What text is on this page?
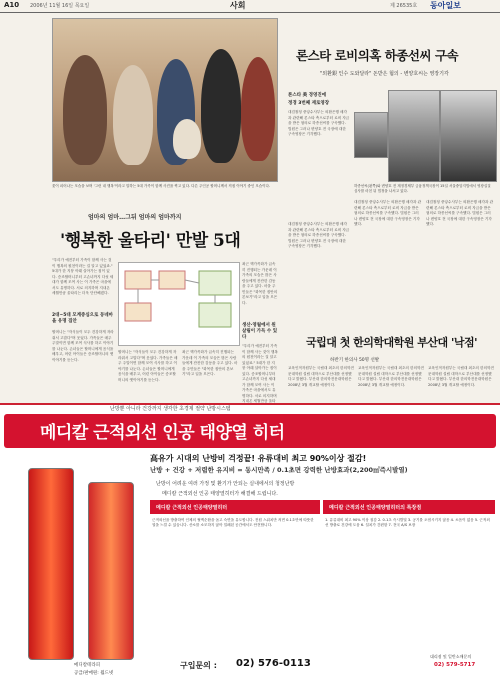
A10 2006년 11월 16일 목요일	사회	제 26535호 동아일보
꽃이 피어나는 모습을 보며 '그런 내 행복'이라고 말하는 5대 가족이 함께 사진을 찍고 있다. 다른 주인공 할머니께서 직접 이야기 중인 모습이다.
엄마의 엄마…그뒤 엄마의 엄마까지
'행복한 울타리' 만발 5대
"우리가 예전부터 가족이 함께 사는 것이 행복의 원천이라는 걸 알고 있었죠." 5대가 한 지붕 아래 살아가는 집이 있다. 증조할머니부터 고손녀까지 다섯 세대가 함께 모여 사는 이 가족은 마을에서도 유명하다. 서로 의지하며 지내온 세월만큼 울타리는 더욱 단단해졌다.
2대~5대 모계중심으로 동네마을 유명 집안
할머니는 "자식들이 모두 건강하게 자라줘서 고맙다"며 웃었다. 가족들은 매주 주말이면 함께 모여 식사를 하고 이야기를 나눈다. 손녀들은 할머니에게 음식을 배우고, 어린 아이들은 증조할머니의 옛이야기를 듣는다.
할머니는 "자식들이 모두 건강하게 자라줘서 고맙다"며 웃었다. 가족들은 매주 주말이면 함께 모여 식사를 하고 이야기를 나눈다. 손녀들은 할머니에게 음식을 배우고, 어린 아이들은 증조할머니의 옛이야기를 듣는다.
최근 핵가족화가 급속히 진행되는 가운데 이 가족의 모습은 많은 사람들에게 잔잔한 감동을 주고 있다. 마을 주민들은 "화목한 집안의 본보기"라고 입을 모은다.
최근 핵가족화가 급속히 진행되는 가운데 이 가족의 모습은 많은 사람들에게 잔잔한 감동을 주고 있다. 마을 주민들은 "화목한 집안의 본보기"라고 입을 모은다.
생산·영월에서 원살림이 가득 수 있다
"우리가 예전부터 가족이 함께 사는 것이 행복의 원천이라는 걸 알고 있었죠." 5대가 한 지붕 아래 살아가는 집이 있다. 증조할머니부터 고손녀까지 다섯 세대가 함께 모여 사는 이 가족은 마을에서도 유명하다. 서로 의지하며 지내온 세월만큼 울타
론스타 로비의혹 하종선씨 구속
"외환銀 인수 도와달라" 돈받은 혐의 - 변양호씨는 영장기각
론스타 美 경영진에
정경 3번째 재로영장
대검찰청 중앙수사부는 외환은행 매각과 관련해 론스타 측으로부터 로비 자금을 받은 혐의로 하종선씨를 구속했다. 법원은 그러나 변양호 전 국장에 대한 구속영장은 기각했다.
하종선씨(왼쪽)와 변양호 전 재정경제부 금융정책국장이 15일 서울중앙지법에서 영장실질심사를 마친 뒤 법정을 나서고 있다.
대검찰청 중앙수사부는 외환은행 매각과 관련해 론스타 측으로부터 로비 자금을 받은 혐의로 하종선씨를 구속했다. 법원은 그러나 변양호 전 국장에 대한 구속영장은 기각했다.
대검찰청 중앙수사부는 외환은행 매각과 관련해 론스타 측으로부터 로비 자금을 받은 혐의로 하종선씨를 구속했다. 법원은 그러나 변양호 전 국장에 대한 구속영장은 기각했다.
대검찰청 중앙수사부는 외환은행 매각과 관련해 론스타 측으로부터 로비 자금을 받은 혐의로 하종선씨를 구속했다. 법원은 그러나 변양호 전 국장에 대한 구속영장은 기각했다.
국립대 첫 한의학대학원 부산대 '낙점'
하반기 한의사 50명 선발
교육인적자원부는 국립대 최초의 한의학전문대학원 설립 대학으로 부산대를 선정했다고 밝혔다. 부산대 한의학전문대학원은 2008년 3월 개교할 예정이다.
교육인적자원부는 국립대 최초의 한의학전문대학원 설립 대학으로 부산대를 선정했다고 밝혔다. 부산대 한의학전문대학원은 2008년 3월 개교할 예정이다.
교육인적자원부는 국립대 최초의 한의학전문대학원 설립 대학으로 부산대를 선정했다고 밝혔다. 부산대 한의학전문대학원은 2008년 3월 개교할 예정이다.
난방뿐 아니라 건강까지 생각한 초경제 절약 난방시스템
메디칼 근적외선 인공 태양열 히터
高유가 시대의 난방비 걱정끝! 유류대비 최고 90%이상 절감!
난방 + 건강 + 저렴한 유지비 = 동시만족 / 0.1초면 강력한 난방효과(2,200㎡즉시발열)
난방이 어려운 여러 가정 및 환기가 안되는 실내에서의 청정난방
메디칼 근적외선 인공 태양열히터가 해결해 드립니다.
메디칼 근적외선 인공태양열히터	메디칼 근적외선 인공태양열히터의 특장점
근적외선을 방출하여 인체의 혈액순환을 돕고 숙면을 유도합니다. 전원 스위치만 켜면 0.1초만에 따뜻한 열을 느낄 수 있습니다. 산소를 소모하지 않아 밀폐된 공간에서도 안전합니다.
1. 유류대비 최고 90% 이상 절감 2. 0.1초 즉시발열 3. 공기를 오염시키지 않음 4. 소음이 없음 5. 근적외선 방출로 건강에 도움 6. 설치가 간편함 7. 전국 A/S 보장
메디칼테라피
공급/판매원: 월드넷
구입문의 : 02) 576-0113
대리점 및 일반소매문의
02) 579-5717
